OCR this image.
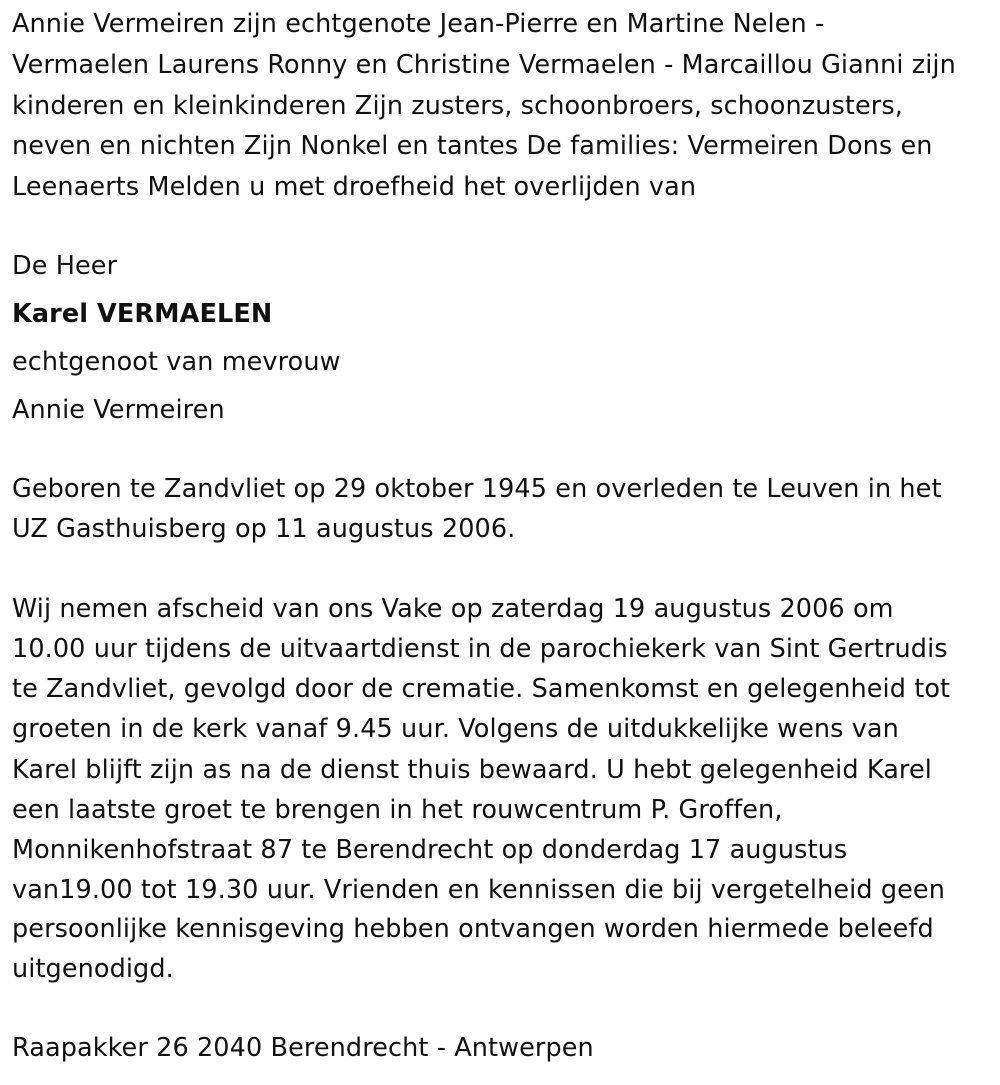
Annie Vermeiren zijn echtgenote Jean-Pierre en Martine Nelen -
Vermaelen Laurens Ronny en Christine Vermaelen - Marcaillou Gianni zijn
kinderen en kleinkinderen Zijn zusters, schoonbroers, schoonzusters,
neven en nichten Zijn Nonkel en tantes De families: Vermeiren Dons en
Leenaerts Melden u met droefheid het overlijden van
De Heer
Karel VERMAELEN
echtgenoot van mevrouw
Annie Vermeiren
Geboren te Zandvliet op 29 oktober 1945 en overleden te Leuven in het
UZ Gasthuisberg op 11 augustus 2006.
Wij nemen afscheid van ons Vake op zaterdag 19 augustus 2006 om
10.00 uur tijdens de uitvaartdienst in de parochiekerk van Sint Gertrudis
te Zandvliet, gevolgd door de crematie. Samenkomst en gelegenheid tot
groeten in de kerk vanaf 9.45 uur. Volgens de uitdukkelijke wens van
Karel blijft zijn as na de dienst thuis bewaard. U hebt gelegenheid Karel
een laatste groet te brengen in het rouwcentrum P. Groffen,
Monnikenhofstraat 87 te Berendrecht op donderdag 17 augustus
van19.00 tot 19.30 uur. Vrienden en kennissen die bij vergetelheid geen
persoonlijke kennisgeving hebben ontvangen worden hiermede beleefd
uitgenodigd.
Raapakker 26 2040 Berendrecht - Antwerpen
